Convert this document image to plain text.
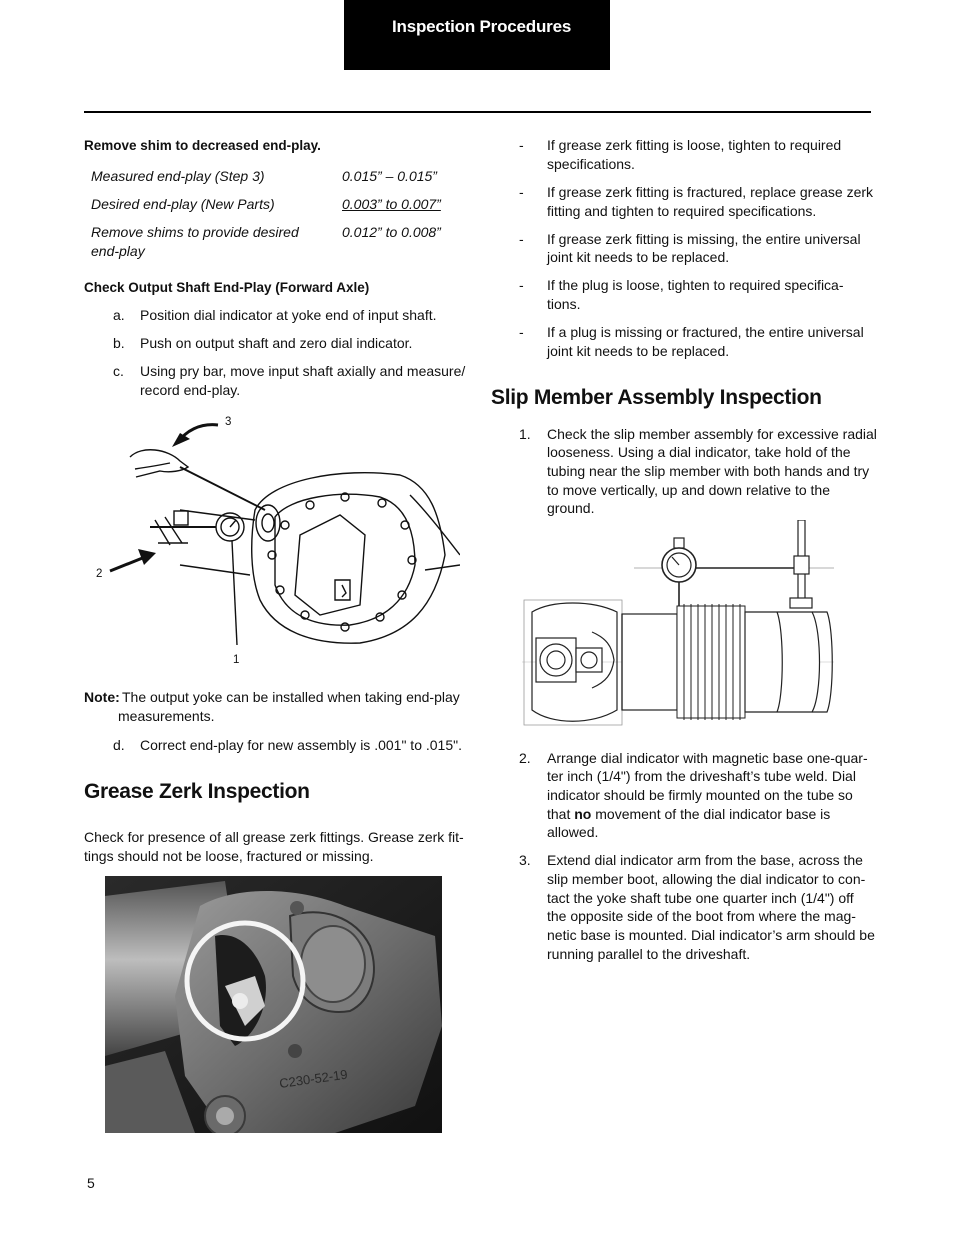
Inspection Procedures
Remove shim to decreased end-play.
Measured end-play (Step 3)	0.015” – 0.015”
Desired end-play (New Parts)	0.003” to 0.007”
Remove shims to provide desired
end-play
0.012” to 0.008”
Check Output Shaft End-Play (Forward Axle)
a. Position dial indicator at yoke end of input shaft.
b. Push on output shaft and zero dial indicator.
c. Using pry bar, move input shaft axially and measure/
record end-play.
3
2
1
Note: The output yoke can be installed when taking end-play
measurements.
d. Correct end-play for new assembly is .001" to .015".
Grease Zerk Inspection
Check for presence of all grease zerk fittings. Grease zerk fit-
tings should not be loose, fractured or missing.
C230-52-19
- If grease zerk fitting is loose, tighten to required
specifications.
- If grease zerk fitting is fractured, replace grease zerk
fitting and tighten to required specifications.
- If grease zerk fitting is missing, the entire universal
joint kit needs to be replaced.
- If the plug is loose, tighten to required specifica-
tions.
- If a plug is missing or fractured, the entire universal
joint kit needs to be replaced.
Slip Member Assembly Inspection
1. Check the slip member assembly for excessive radial
looseness. Using a dial indicator, take hold of the
tubing near the slip member with both hands and try
to move vertically, up and down relative to the
ground.
2. Arrange dial indicator with magnetic base one-quar-
ter inch (1/4") from the driveshaft’s tube weld. Dial
indicator should be firmly mounted on the tube so
that no movement of the dial indicator base is
allowed.
3. Extend dial indicator arm from the base, across the
slip member boot, allowing the dial indicator to con-
tact the yoke shaft tube one quarter inch (1/4") off
the opposite side of the boot from where the mag-
netic base is mounted. Dial indicator’s arm should be
running parallel to the driveshaft.
5
